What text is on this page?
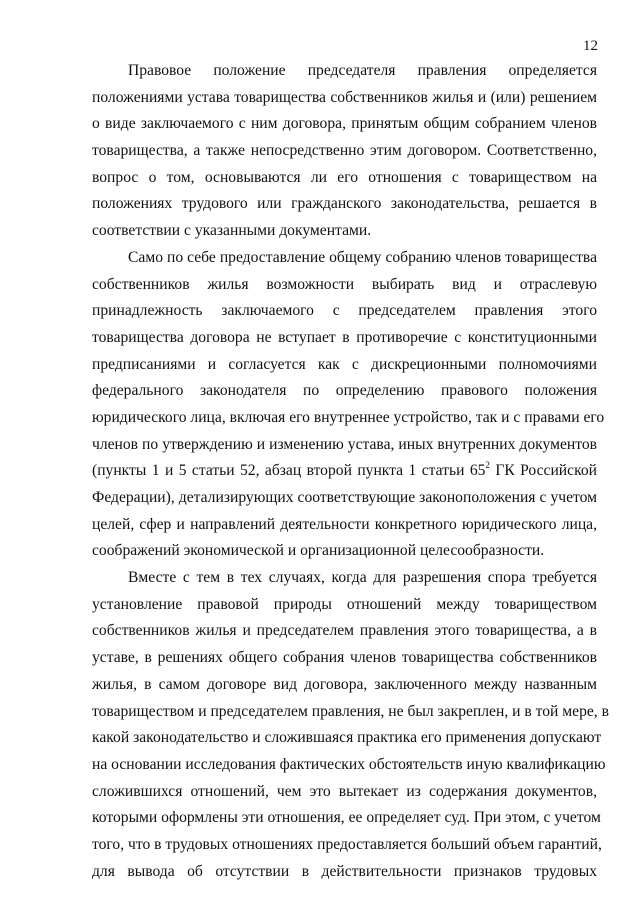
12
Правовое положение председателя правления определяется
положениями устава товарищества собственников жилья и (или) решением
о виде заключаемого с ним договора, принятым общим собранием членов
товарищества, а также непосредственно этим договором. Соответственно,
вопрос о том, основываются ли его отношения с товариществом на
положениях трудового или гражданского законодательства, решается в
соответствии с указанными документами.
Само по себе предоставление общему собранию членов товарищества
собственников жилья возможности выбирать вид и отраслевую
принадлежность заключаемого с председателем правления этого
товарищества договора не вступает в противоречие с конституционными
предписаниями и согласуется как с дискреционными полномочиями
федерального законодателя по определению правового положения
юридического лица, включая его внутреннее устройство, так и с правами его
членов по утверждению и изменению устава, иных внутренних документов
(пункты 1 и 5 статьи 52, абзац второй пункта 1 статьи $65^2$ ГК Российской
Федерации), детализирующих соответствующие законоположения с учетом
целей, сфер и направлений деятельности конкретного юридического лица,
соображений экономической и организационной целесообразности.
Вместе с тем в тех случаях, когда для разрешения спора требуется
установление правовой природы отношений между товариществом
собственников жилья и председателем правления этого товарищества, а в
уставе, в решениях общего собрания членов товарищества собственников
жилья, в самом договоре вид договора, заключенного между названным
товариществом и председателем правления, не был закреплен, и в той мере, в
какой законодательство и сложившаяся практика его применения допускают
на основании исследования фактических обстоятельств иную квалификацию
сложившихся отношений, чем это вытекает из содержания документов,
которыми оформлены эти отношения, ее определяет суд. При этом, с учетом
того, что в трудовых отношениях предоставляется больший объем гарантий,
для вывода об отсутствии в действительности признаков трудовых
